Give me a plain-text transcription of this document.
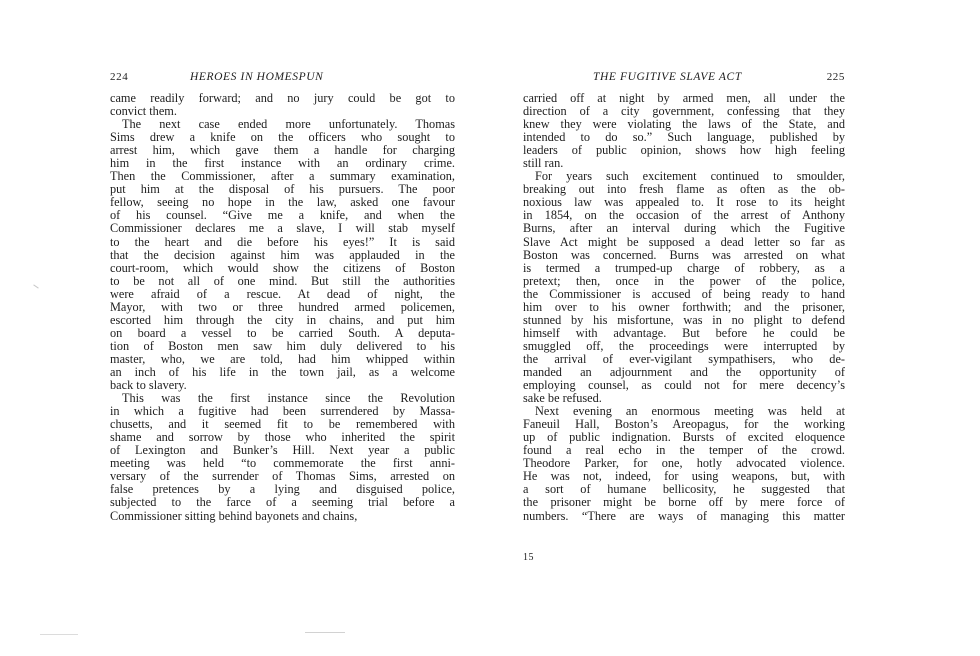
224	HEROES IN HOMESPUN
came readily forward; and no jury could be got to
convict them.
The next case ended more unfortunately. Thomas
Sims drew a knife on the officers who sought to
arrest him, which gave them a handle for charging
him in the first instance with an ordinary crime.
Then the Commissioner, after a summary examination,
put him at the disposal of his pursuers. The poor
fellow, seeing no hope in the law, asked one favour
of his counsel. “Give me a knife, and when the
Commissioner declares me a slave, I will stab myself
to the heart and die before his eyes!” It is said
that the decision against him was applauded in the
court-room, which would show the citizens of Boston
to be not all of one mind. But still the authorities
were afraid of a rescue. At dead of night, the
Mayor, with two or three hundred armed policemen,
escorted him through the city in chains, and put him
on board a vessel to be carried South. A deputa-
tion of Boston men saw him duly delivered to his
master, who, we are told, had him whipped within
an inch of his life in the town jail, as a welcome
back to slavery.
This was the first instance since the Revolution
in which a fugitive had been surrendered by Massa-
chusetts, and it seemed fit to be remembered with
shame and sorrow by those who inherited the spirit
of Lexington and Bunker’s Hill. Next year a public
meeting was held “to commemorate the first anni-
versary of the surrender of Thomas Sims, arrested on
false pretences by a lying and disguised police,
subjected to the farce of a seeming trial before a
Commissioner sitting behind bayonets and chains,
THE FUGITIVE SLAVE ACT	225
carried off at night by armed men, all under the
direction of a city government, confessing that they
knew they were violating the laws of the State, and
intended to do so.” Such language, published by
leaders of public opinion, shows how high feeling
still ran.
For years such excitement continued to smoulder,
breaking out into fresh flame as often as the ob-
noxious law was appealed to. It rose to its height
in 1854, on the occasion of the arrest of Anthony
Burns, after an interval during which the Fugitive
Slave Act might be supposed a dead letter so far as
Boston was concerned. Burns was arrested on what
is termed a trumped-up charge of robbery, as a
pretext; then, once in the power of the police,
the Commissioner is accused of being ready to hand
him over to his owner forthwith; and the prisoner,
stunned by his misfortune, was in no plight to defend
himself with advantage. But before he could be
smuggled off, the proceedings were interrupted by
the arrival of ever-vigilant sympathisers, who de-
manded an adjournment and the opportunity of
employing counsel, as could not for mere decency’s
sake be refused.
Next evening an enormous meeting was held at
Faneuil Hall, Boston’s Areopagus, for the working
up of public indignation. Bursts of excited eloquence
found a real echo in the temper of the crowd.
Theodore Parker, for one, hotly advocated violence.
He was not, indeed, for using weapons, but, with
a sort of humane bellicosity, he suggested that
the prisoner might be borne off by mere force of
numbers. “There are ways of managing this matter
15
